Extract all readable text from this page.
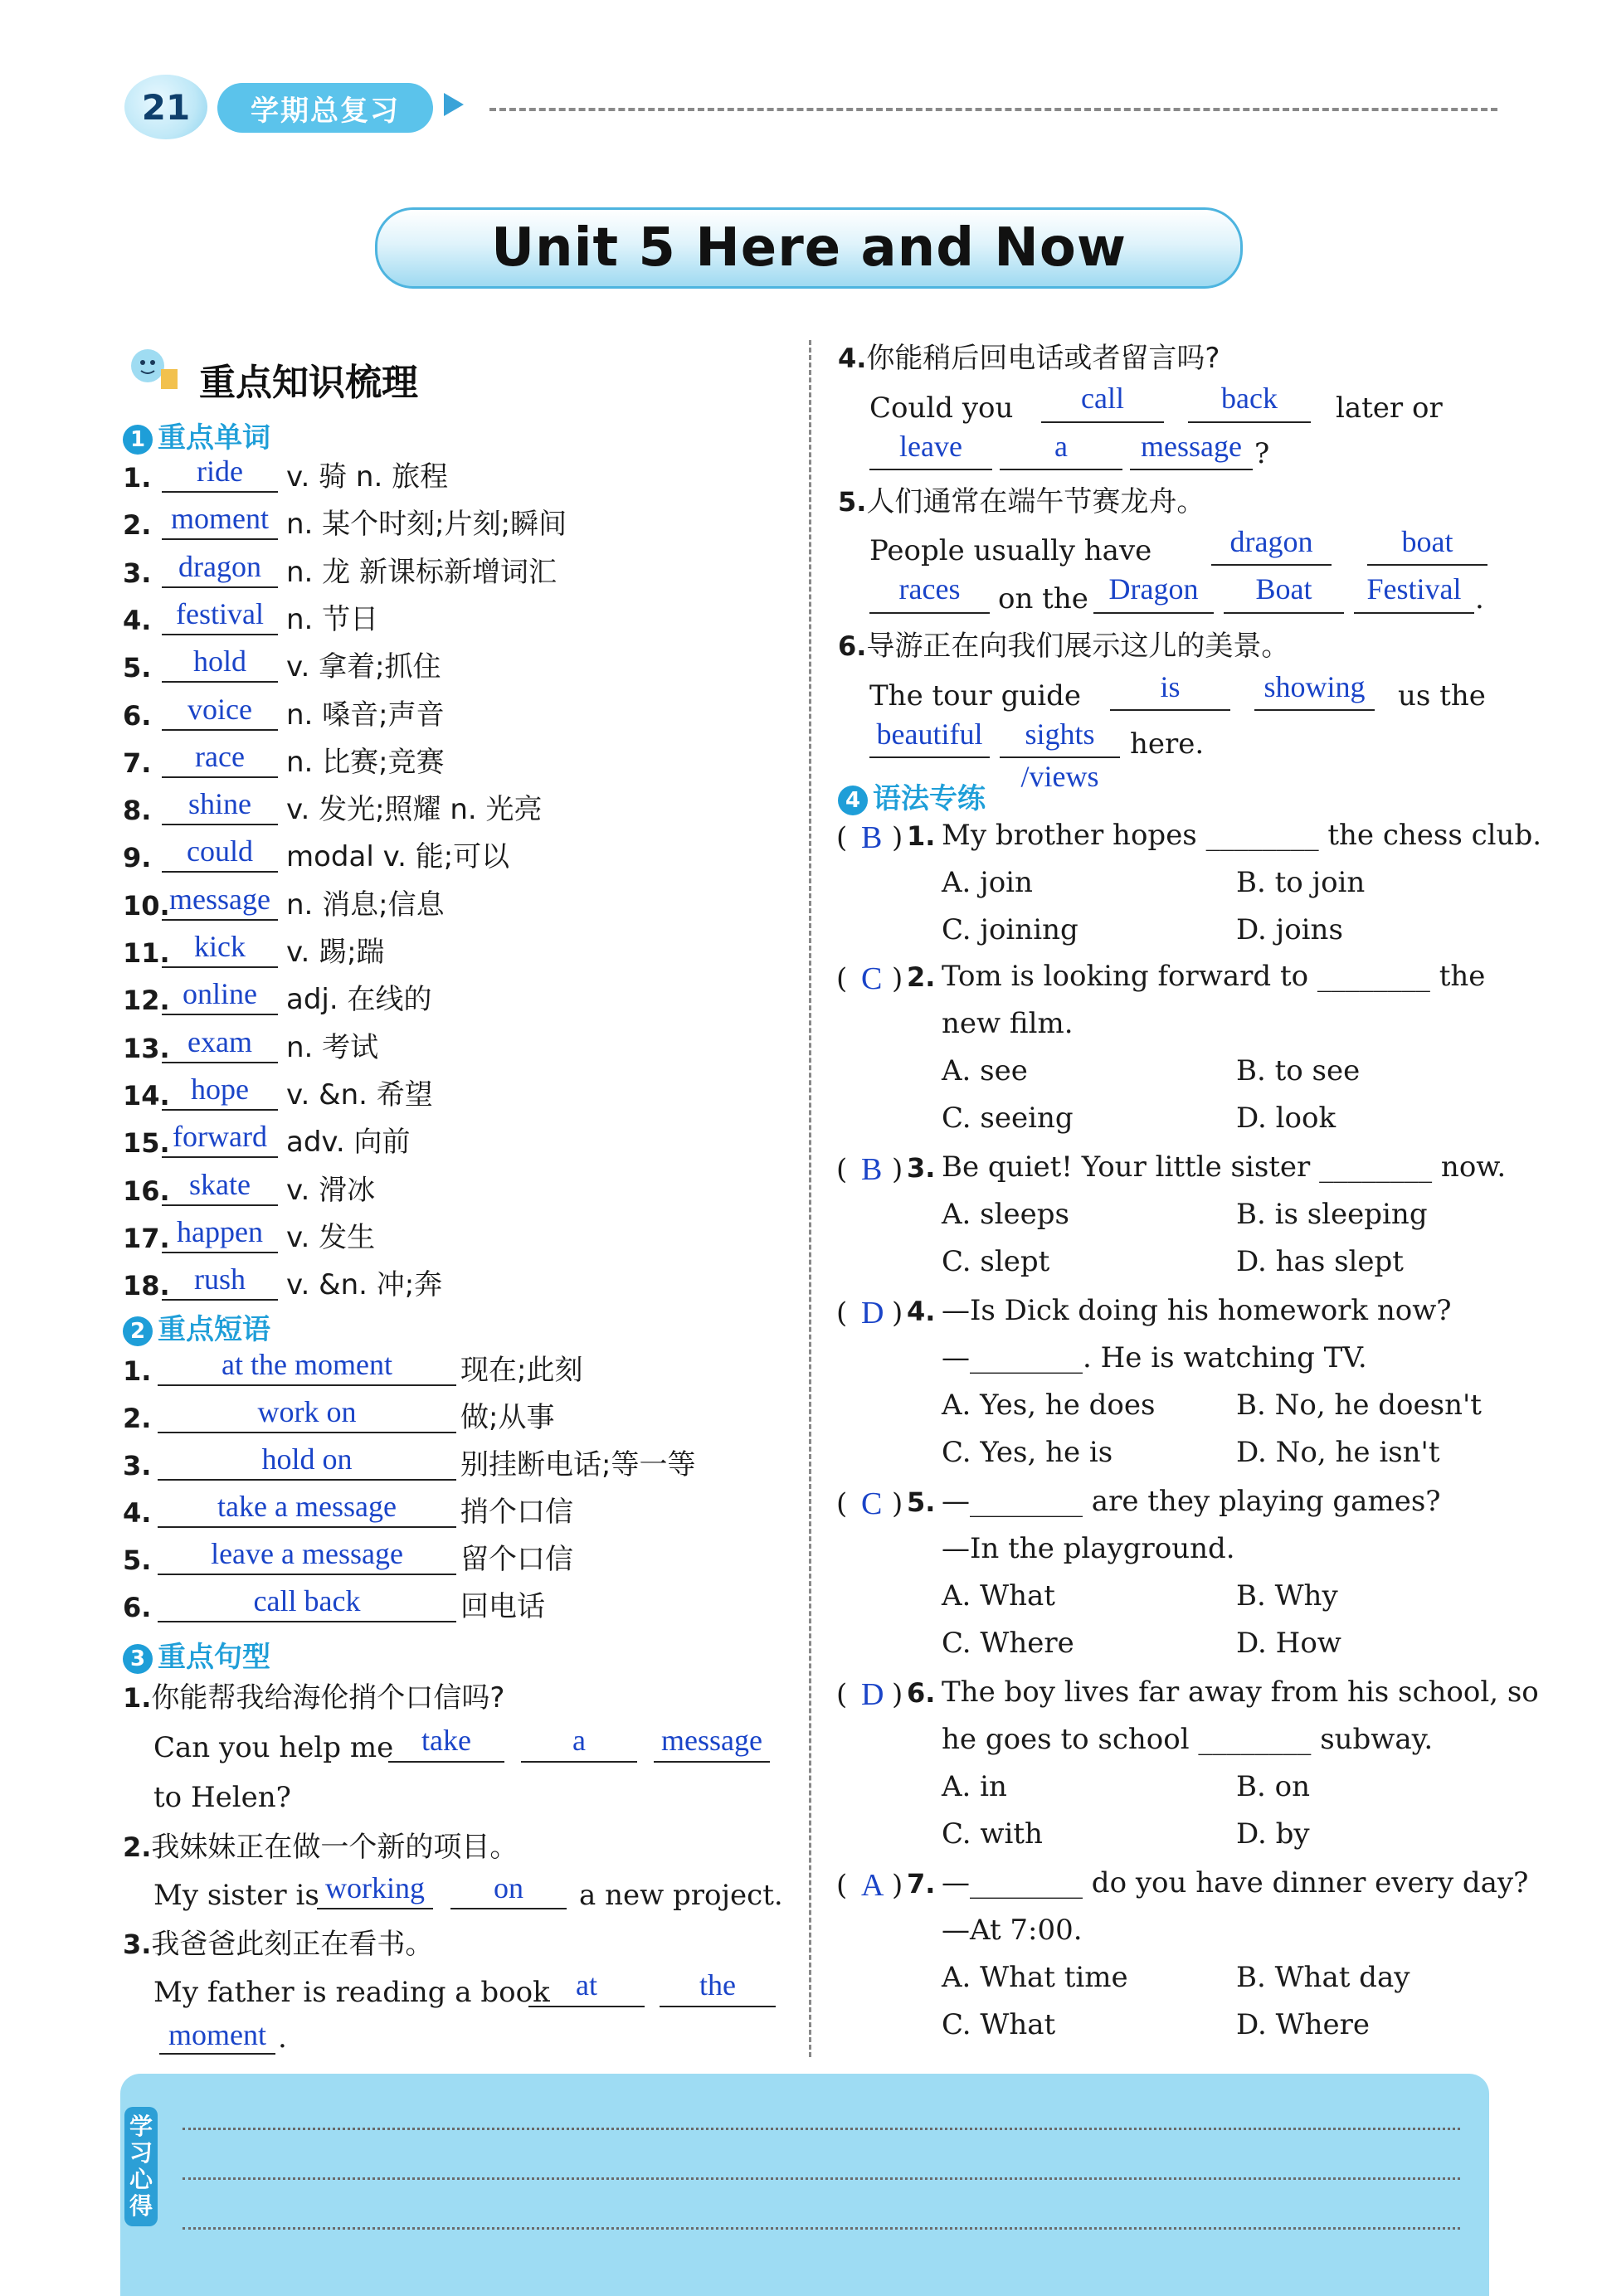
21	学期总复习
Unit 5 Here and Now
重点知识梳理
1 重点单词
2 重点短语
3 重点句型
1.你能帮我给海伦捎个口信吗?
Can you help me take	a	message
to Helen?
2.我妹妹正在做一个新的项目。
My sister is working	on	a new project.
3.我爸爸此刻正在看书。
My father is reading a book at	the
moment .
4.你能稍后回电话或者留言吗?
Could you	call	back	later or
leave	a	message ?
5.人们通常在端午节赛龙舟。
People usually have	dragon	boat
races	on the Dragon	Boat	Festival .
6.导游正在向我们展示这儿的美景。
The tour guide	is	showing	us the
beautiful	sights
/views
here.
4 语法专练
学习心得
1.	ride	v. 骑 n. 旅程
2. moment n. 某个时刻;片刻;瞬间
3. dragon n. 龙 新课标新增词汇
4. festival n. 节日
5.	hold	v. 拿着;抓住
6.	voice	n. 嗓音;声音
7.	race	n. 比赛;竞赛
8.	shine	v. 发光;照耀 n. 光亮
9.	could	modal v. 能;可以
10. message n. 消息;信息
11. kick	v. 踢;踹
12. online	adj. 在线的
13. exam	n. 考试
14. hope	v. &n. 希望
15. forward adv. 向前
16. skate	v. 滑冰
17. happen v. 发生
18. rush	v. &n. 冲;奔
1.	at the moment	现在;此刻
2.	work on	做;从事
3.	hold on	别挂断电话;等一等
4.	take a message	捎个口信
5.	leave a message	留个口信
6.	call back	回电话
( B ) 1. My brother hopes ________ the chess club.
A. join	B. to join
C. joining	D. joins
( C ) 2. Tom is looking forward to ________ the
new film.
A. see	B. to see
C. seeing	D. look
( B ) 3. Be quiet! Your little sister ________ now.
A. sleeps	B. is sleeping
C. slept	D. has slept
( D ) 4. —Is Dick doing his homework now?
—________. He is watching TV.
A. Yes, he does	B. No, he doesn't
C. Yes, he is	D. No, he isn't
( C ) 5. —________ are they playing games?
—In the playground.
A. What	B. Why
C. Where	D. How
( D ) 6. The boy lives far away from his school, so
he goes to school ________ subway.
A. in	B. on
C. with	D. by
( A ) 7. —________ do you have dinner every day?
—At 7:00.
A. What time	B. What day
C. What	D. Where
